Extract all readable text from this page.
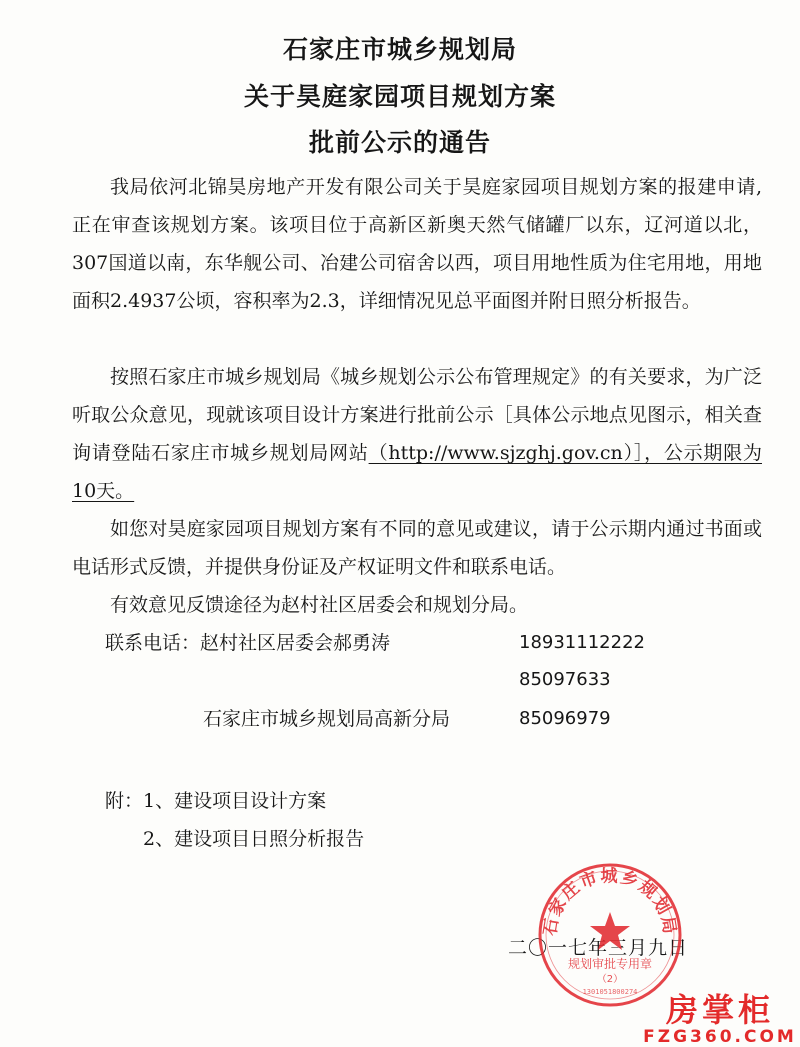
石家庄市城乡规划局
关于昊庭家园项目规划方案
批前公示的通告

我局依河北锦昊房地产开发有限公司关于昊庭家园项目规划方案的报建申请,正在审查该规划方案。该项目位于高新区新奥天然气储罐厂以东，辽河道以北，307国道以南，东华舰公司、冶建公司宿舍以西，项目用地性质为住宅用地，用地面积2.4937公顷，容积率为2.3，详细情况见总平面图并附日照分析报告。

按照石家庄市城乡规划局《城乡规划公示公布管理规定》的有关要求，为广泛听取公众意见，现就该项目设计方案进行批前公示［具体公示地点见图示，相关查询请登陆石家庄市城乡规划局网站（http://www.sjzghj.gov.cn）］，公示期限为10天。

如您对昊庭家园项目规划方案有不同的意见或建议，请于公示期内通过书面或电话形式反馈，并提供身份证及产权证明文件和联系电话。

有效意见反馈途径为赵村社区居委会和规划分局。

联系电话：赵村社区居委会郝勇涛	18931112222
85097633
石家庄市城乡规划局高新分局	85096979
附：1、建设项目设计方案
2、建设项目日照分析报告
二〇一七年三月九日
石家庄市城乡规划局
规划审批专用章
（2）
1301051800274 房掌柜
FZG360.COM
